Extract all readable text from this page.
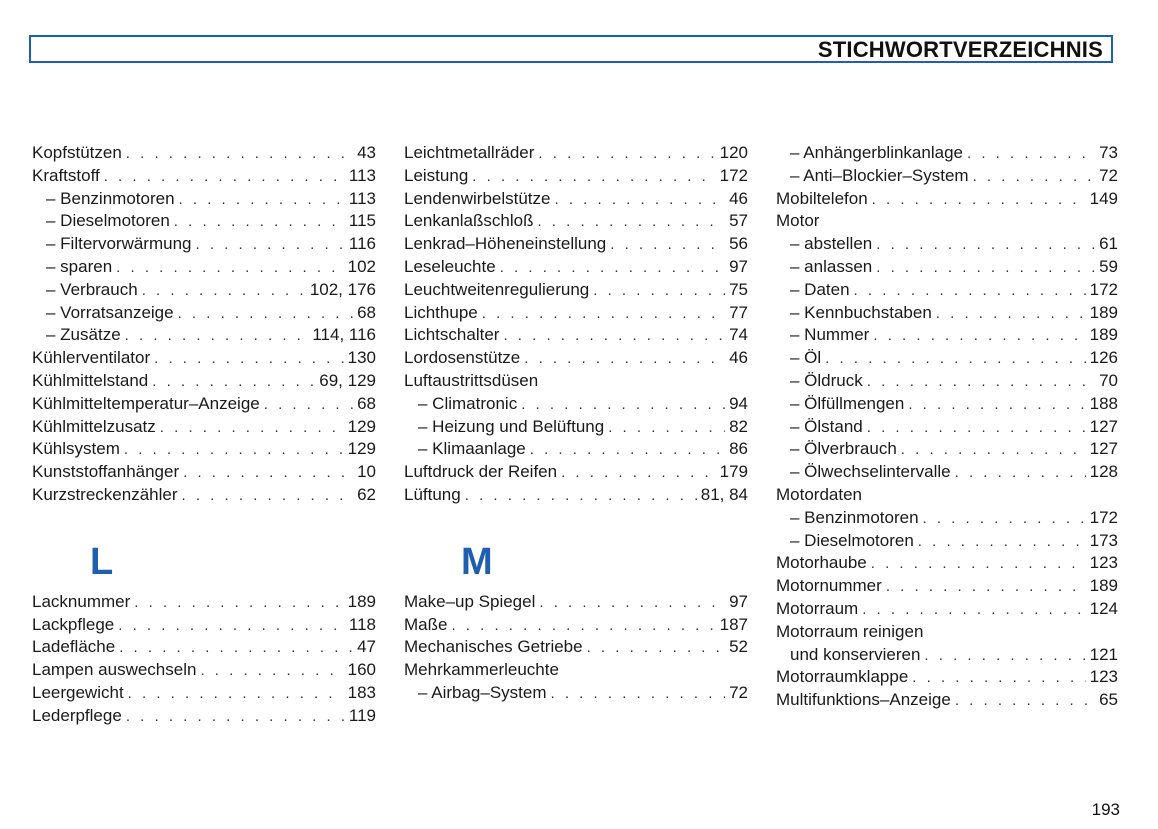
STICHWORTVERZEICHNIS
Kopfstützen . . .	43
Kraftstoff . . .	113
– Benzinmotoren . . .	113
– Dieselmotoren . . .	115
– Filtervorwärmung . . .	116
– sparen . . .	102
– Verbrauch . . .	102, 176
– Vorratsanzeige . . .	68
– Zusätze . . .	114, 116
Kühlerventilator . . .	130
Kühlmittelstand . . .	69, 129
Kühlmitteltemperatur–Anzeige . . .	68
Kühlmittelzusatz . . .	129
Kühlsystem . . .	129
Kunststoffanhänger . . .	10
Kurzstreckenzähler . . .	62
L
Lacknummer . . .	189
Lackpflege . . .	118
Ladefläche . . .	47
Lampen auswechseln . . .	160
Leergewicht . . .	183
Lederpflege . . .	119
Leichtmetallräder . . .	120
Leistung . . .	172
Lendenwirbelstütze . . .	46
Lenkanlaßschloß . . .	57
Lenkrad–Höheneinstellung . . .	56
Leseleuchte . . .	97
Leuchtweitenregulierung . . .	75
Lichthupe . . .	77
Lichtschalter . . .	74
Lordosenstütze . . .	46
Luftaustrittsdüsen
– Climatronic . . .	94
– Heizung und Belüftung . . .	82
– Klimaanlage . . .	86
Luftdruck der Reifen . . .	179
Lüftung . . .	81, 84
M
Make–up Spiegel . . .	97
Maße . . .	187
Mechanisches Getriebe . . .	52
Mehrkammerleuchte
– Airbag–System . . .	72
– Anhängerblinkanlage . . .	73
– Anti–Blockier–System . . .	72
Mobiltelefon . . .	149
Motor
– abstellen . . .	61
– anlassen . . .	59
– Daten . . .	172
– Kennbuchstaben . . .	189
– Nummer . . .	189
– Öl . . .	126
– Öldruck . . .	70
– Ölfüllmengen . . .	188
– Ölstand . . .	127
– Ölverbrauch . . .	127
– Ölwechselintervalle . . .	128
Motordaten
– Benzinmotoren . . .	172
– Dieselmotoren . . .	173
Motorhaube . . .	123
Motornummer . . .	189
Motorraum . . .	124
Motorraum reinigen
und konservieren . . .	121
Motorraumklappe . . .	123
Multifunktions–Anzeige . . .	65
193
